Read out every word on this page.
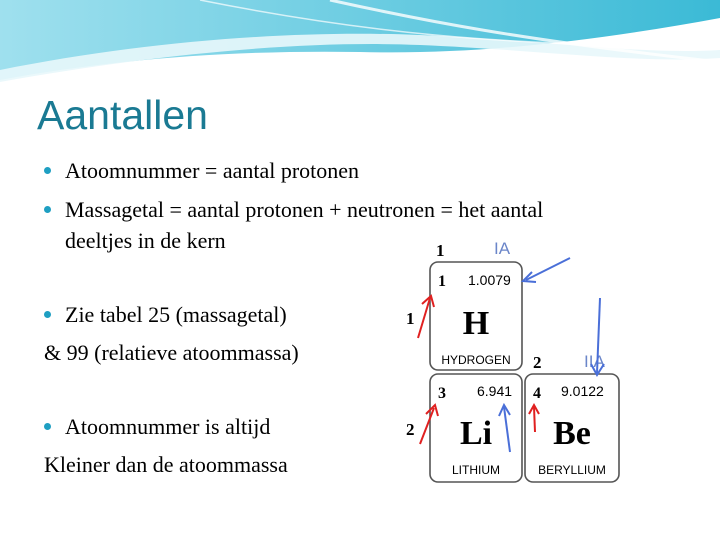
Aantallen
Atoomnummer = aantal protonen
Massagetal = aantal protonen + neutronen = het aantal
deeltjes in de kern
Zie tabel 25 (massagetal)
& 99 (relatieve atoommassa)
Atoomnummer is altijd
Kleiner dan de atoommassa
1	IA
1 1.0079
H
HYDROGEN
1
2	IIA
3 6.941
Li
LITHIUM
2
4 9.0122
Be
BERYLLIUM
